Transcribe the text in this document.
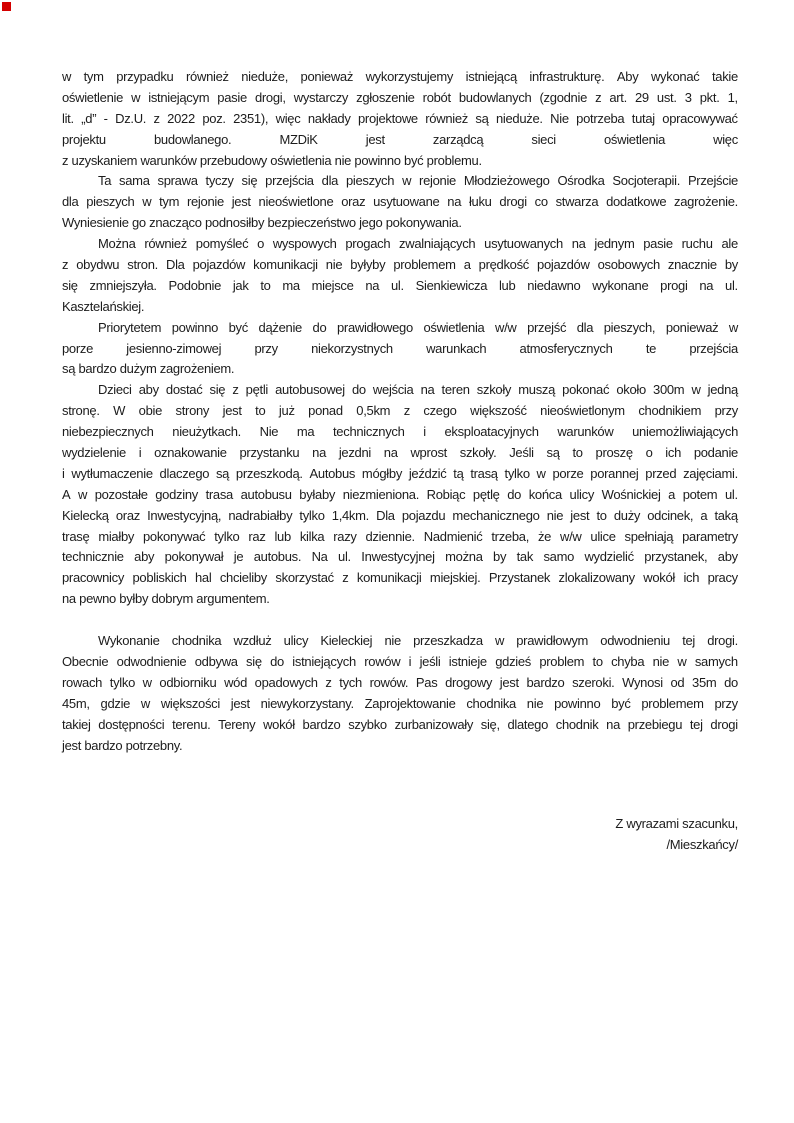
w tym przypadku również nieduże, ponieważ wykorzystujemy istniejącą infrastrukturę. Aby wykonać takie
oświetlenie w istniejącym pasie drogi, wystarczy zgłoszenie robót budowlanych (zgodnie z art. 29 ust. 3 pkt. 1,
lit. „d” - Dz.U. z 2022 poz. 2351), więc nakłady projektowe również są nieduże. Nie potrzeba tutaj opracowywać
projektu	budowlanego.	MZDiK	jest	zarządcą	sieci	oświetlenia	więc
z uzyskaniem warunków przebudowy oświetlenia nie powinno być problemu.
Ta sama sprawa tyczy się przejścia dla pieszych w rejonie Młodzieżowego Ośrodka Socjoterapii. Przejście
dla pieszych w tym rejonie jest nieoświetlone oraz usytuowane na łuku drogi co stwarza dodatkowe zagrożenie.
Wyniesienie go znacząco podnosiłby bezpieczeństwo jego pokonywania.
Można również pomyśleć o wyspowych progach zwalniających usytuowanych na jednym pasie ruchu ale
z obydwu stron. Dla pojazdów komunikacji nie byłyby problemem a prędkość pojazdów osobowych znacznie by
się zmniejszyła. Podobnie jak to ma miejsce na ul. Sienkiewicza lub niedawno wykonane progi na ul.
Kasztelańskiej.
Priorytetem powinno być dążenie do prawidłowego oświetlenia w/w przejść dla pieszych, ponieważ w
porze	jesienno-zimowej	przy	niekorzystnych	warunkach	atmosferycznych	te	przejścia
są bardzo dużym zagrożeniem.
Dzieci aby dostać się z pętli autobusowej do wejścia na teren szkoły muszą pokonać około 300m w jedną
stronę. W obie strony jest to już ponad 0,5km z czego większość nieoświetlonym chodnikiem przy
niebezpiecznych nieużytkach. Nie ma technicznych i eksploatacyjnych warunków uniemożliwiających
wydzielenie i oznakowanie przystanku na jezdni na wprost szkoły. Jeśli są to proszę o ich podanie
i wytłumaczenie dlaczego są przeszkodą. Autobus mógłby jeździć tą trasą tylko w porze porannej przed zajęciami.
A w pozostałe godziny trasa autobusu byłaby niezmieniona. Robiąc pętlę do końca ulicy Wośnickiej a potem ul.
Kielecką oraz Inwestycyjną, nadrabiałby tylko 1,4km. Dla pojazdu mechanicznego nie jest to duży odcinek, a taką
trasę miałby pokonywać tylko raz lub kilka razy dziennie. Nadmienić trzeba, że w/w ulice spełniają parametry
technicznie aby pokonywał je autobus. Na ul. Inwestycyjnej można by tak samo wydzielić przystanek, aby
pracownicy pobliskich hal chcieliby skorzystać z komunikacji miejskiej. Przystanek zlokalizowany wokół ich pracy
na pewno byłby dobrym argumentem.
Wykonanie chodnika wzdłuż ulicy Kieleckiej nie przeszkadza w prawidłowym odwodnieniu tej drogi.
Obecnie odwodnienie odbywa się do istniejących rowów i jeśli istnieje gdzieś problem to chyba nie w samych
rowach tylko w odbiorniku wód opadowych z tych rowów. Pas drogowy jest bardzo szeroki. Wynosi od 35m do
45m, gdzie w większości jest niewykorzystany. Zaprojektowanie chodnika nie powinno być problemem przy
takiej dostępności terenu. Tereny wokół bardzo szybko zurbanizowały się, dlatego chodnik na przebiegu tej drogi
jest bardzo potrzebny.
Z wyrazami szacunku,
/Mieszkańcy/
